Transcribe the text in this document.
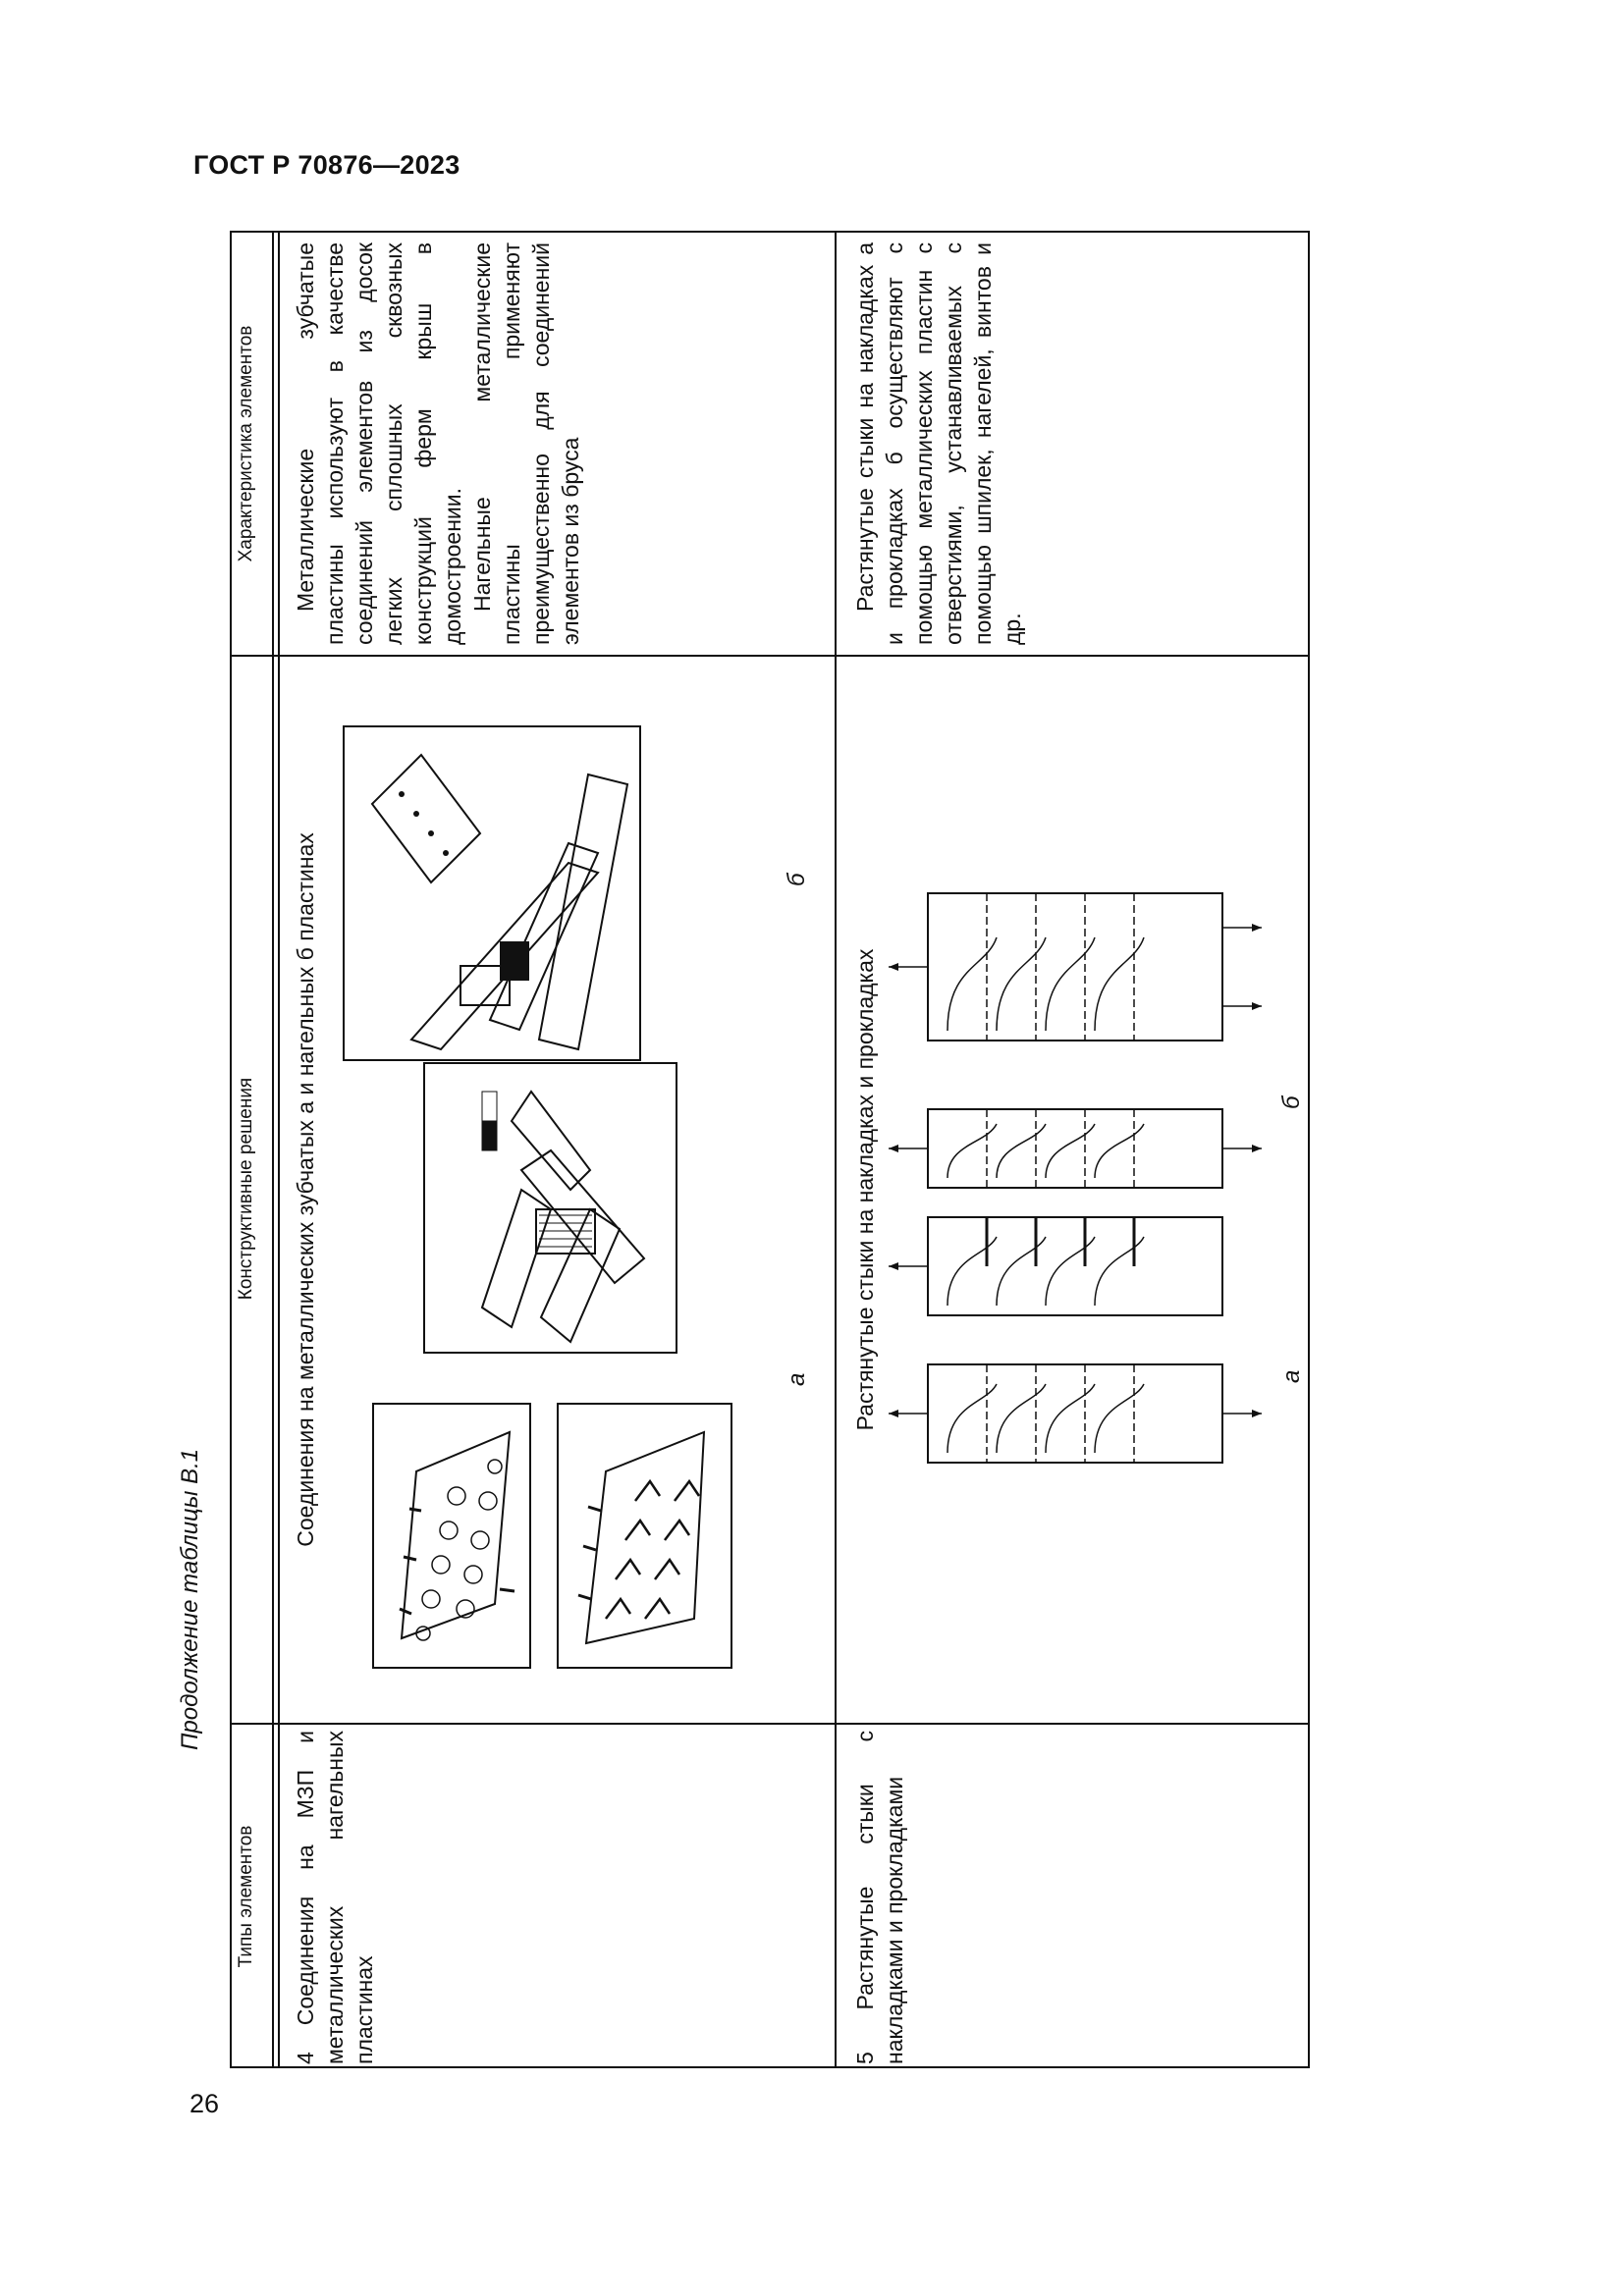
ГОСТ Р 70876—2023
Продолжение таблицы В.1
26
Типы элементов
Конструктивные решения
Характеристика элементов
4 Соединения на МЗП и металлических нагельных пластинах
Соединения на металлических зубчатых а и нагельных б пластинах

Металлические зубчатые пластины используют в качестве соединений элементов из досок легких сплошных сквозных конструкций ферм крыш в домостроении. Нагельные металлические пластины применяют преимущественно для соединений элементов из бруса

а
б
5 Растянутые стыки с накладками и прокладками
Растянутые стыки на накладках и прокладках

Растянутые стыки на накладках а и прокладках б осуществляют с помощью металлических пластин с отверстиями, устанавливаемых с помощью шпилек, нагелей, винтов и др.

а
б
